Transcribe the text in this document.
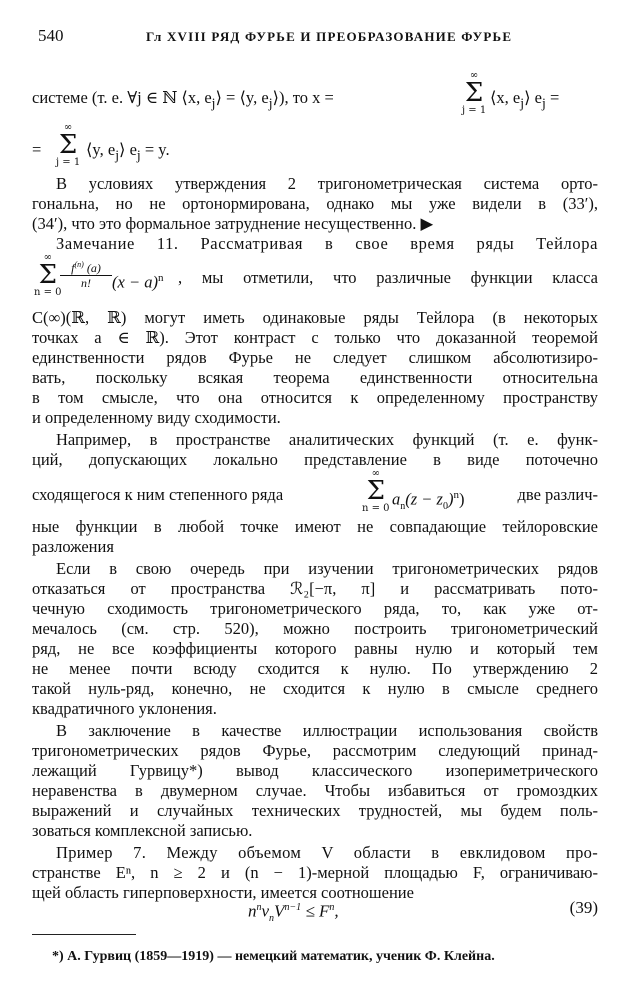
540	Гл XVIII РЯД ФУРЬЕ И ПРЕОБРАЗОВАНИЕ ФУРЬЕ
системе (т. е. ∀j ∈ ℕ ⟨x, $e_j⟩$ = ⟨y, $e_j⟩$), то x =
∞
Σ
j = 1
⟨x, $e_j⟩$ $e_j$ =
=
∞
Σ
j = 1
⟨y, $e_j⟩$ $e_j = y$.
В условиях утверждения 2 тригонометрическая система орто-
гональна, но не ортонормирована, однако мы уже видели в (33′),
(34′), что это формальное затруднение несущественно. ▶
Замечание 11. Рассматривая в свое время ряды Тейлора
∞
Σ
n = 0
$\frac{f^{(n)} (a)}{n!} (x - a)^n$ , мы отметили, что различные функции класса
C(∞)(ℝ, ℝ) могут иметь одинаковые ряды Тейлора (в некоторых
точках a ∈ ℝ). Этот контраст с только что доказанной теоремой
единственности рядов Фурье не следует слишком абсолютизиро-
вать, поскольку всякая теорема единственности относительна
в том смысле, что она относится к определенному пространству
и определенному виду сходимости.
Например, в пространстве аналитических функций (т. е. функ-
ций, допускающих локально представление в виде поточечно
сходящегося к ним степенного ряда
∞
Σ
n = 0 $a_n(z - z_0)^n$)	две различ-
ные функции в любой точке имеют не совпадающие тейлоровские
разложения
Если в свою очередь при изучении тригонометрических рядов
отказаться от пространства ℛ₂[−π, π] и рассматривать пото-
чечную сходимость тригонометрического ряда, то, как уже от-
мечалось (см. стр. 520), можно построить тригонометрический
ряд, не все коэффициенты которого равны нулю и который тем
не менее почти всюду сходится к нулю. По утверждению 2
такой нуль-ряд, конечно, не сходится к нулю в смысле среднего
квадратичного уклонения.
В заключение в качестве иллюстрации использования свойств
тригонометрических рядов Фурье, рассмотрим следующий принад-
лежащий Гурвицу*) вывод классического изопериметрического
неравенства в двумерном случае. Чтобы избавиться от громоздких
выражений и случайных технических трудностей, мы будем поль-
зоваться комплексной записью.
Пример 7. Между объемом V области в евклидовом про-
странстве Eⁿ, n ≥ 2 и (n − 1)-мерной площадью F, ограничиваю-
щей область гиперповерхности, имеется соотношение
$n^nv_nV^{n-1} \le F^n$,	(39)
*) А. Гурвиц (1859—1919) — немецкий математик, ученик Ф. Клейна.
